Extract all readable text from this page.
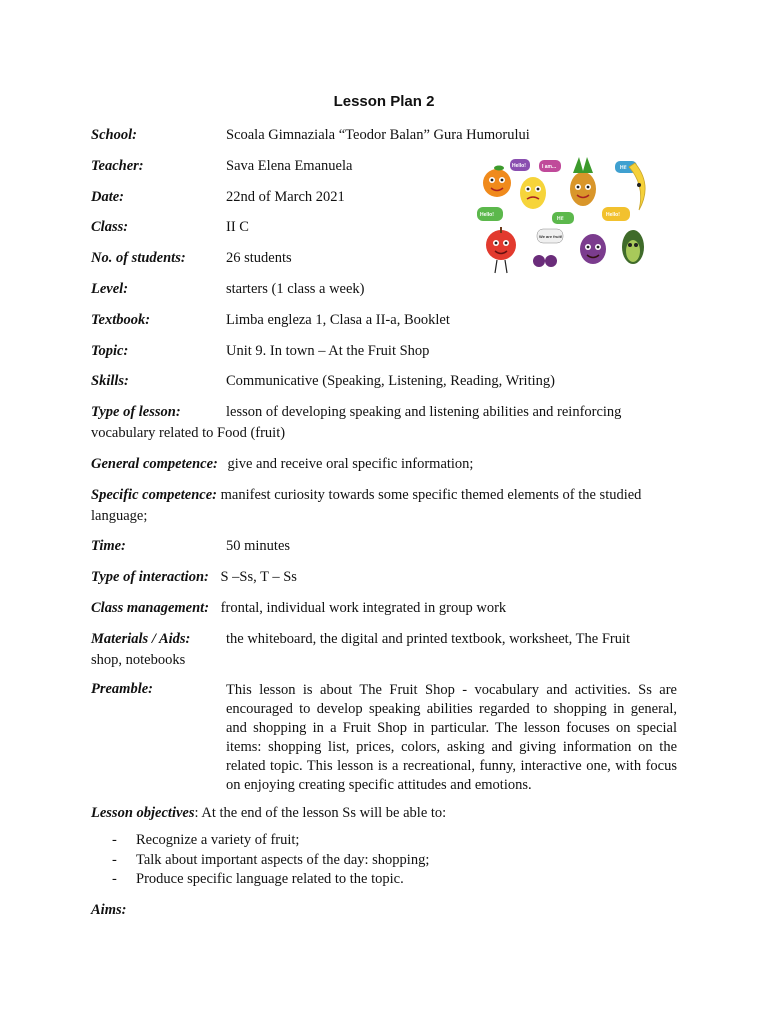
Lesson Plan 2
School:	Scoala Gimnaziala “Teodor Balan” Gura Humorului
Teacher:	Sava Elena Emanuela
Date:	22nd of March 2021
Class:	II C
No. of students:	26 students
Level:	starters (1 class a week)
Textbook:	Limba engleza 1, Clasa a II-a, Booklet
Topic:	Unit 9. In town – At the Fruit Shop
Skills:	Communicative (Speaking, Listening, Reading, Writing)
Type of lesson:	lesson of developing speaking and listening abilities and reinforcing
vocabulary related to Food (fruit)
General competence: give and receive oral specific information;
Specific competence: manifest curiosity towards some specific themed elements of the studied
language;
Time:	50 minutes
Type of interaction: S –Ss, T – Ss
Class management: frontal, individual work integrated in group work
Materials / Aids: the whiteboard, the digital and printed textbook, worksheet, The Fruit
shop, notebooks
Preamble:	This lesson is about The Fruit Shop - vocabulary and activities. Ss are encouraged to develop speaking abilities regarded to shopping in general, and shopping in a Fruit Shop in particular. The lesson focuses on special items: shopping list, prices, colors, asking and giving information on the related topic. This lesson is a recreational, funny, interactive one, with focus on enjoying creating specific attitudes and emotions.
Lesson objectives: At the end of the lesson Ss will be able to:
- Recognize a variety of fruit;
- Talk about important aspects of the day: shopping;
- Produce specific language related to the topic.
Aims:
Hello!
Hi!
We are fruit!
Hello!
I am...	Hi!
Hello!
